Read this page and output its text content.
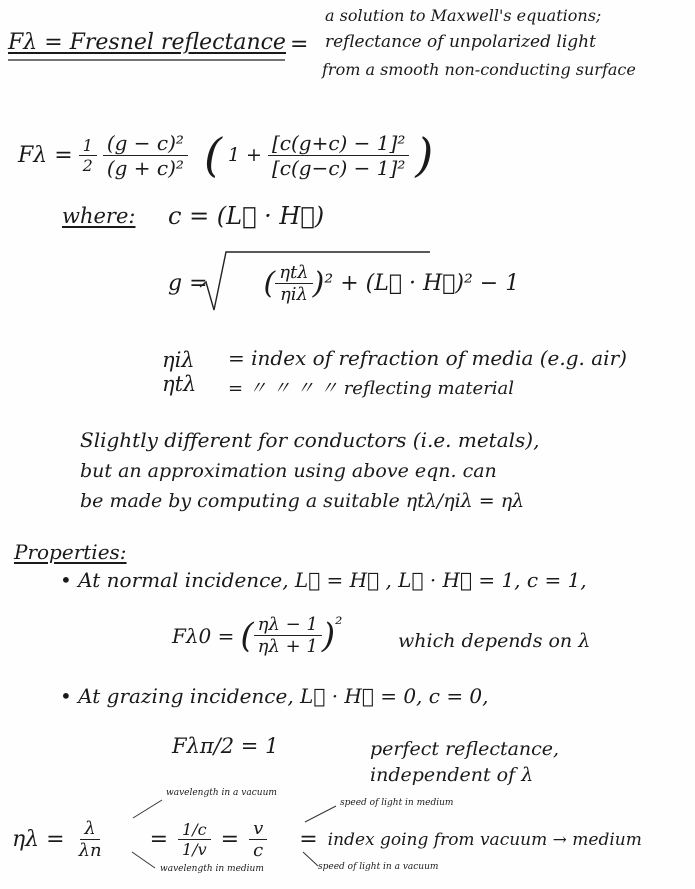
Fλ = Fresnel reflectance =
a solution to Maxwell's equations;
reflectance of unpolarized light
from a smooth non-conducting surface
$F\lambda = \frac{1}{2} \frac{\text{(g − c)²}}{\text{(g + c)²}}$ ( $1 + \frac{\text{[c(g+c) − 1]²}}{\text{[c(g−c) − 1]²}}$ )
where: c = (L⃗ · H⃗)
g = ( $\frac{\text{ηtλ}}{\text{ηiλ}}$ ) ² + (L⃗ · H⃗)² − 1
ηiλ = index of refraction of media (e.g. air)
ηtλ = 〃 〃 〃 〃 reflecting material
Slightly different for conductors (i.e. metals),
but an approximation using above eqn. can
be made by computing a suitable ηtλ/ηiλ = ηλ
Properties:
• At normal incidence, L⃗ = H⃗ , L⃗ · H⃗ = 1, c = 1,
Fλ0 = ( $\frac{\eta\lambda - 1}{\eta\lambda + 1}$ ) ²
which depends on λ
• At grazing incidence, L⃗ · H⃗ = 0, c = 0,
Fλπ/2 = 1	perfect reflectance,
independent of λ
wavelength in a vacuum
speed of light in medium
$\eta\lambda = \frac{\lambda}{\lambda n} = \frac{1/c}{1/v} = \frac{v}{c}$ = index going from vacuum → medium
wavelength in medium	speed of light in a vacuum
